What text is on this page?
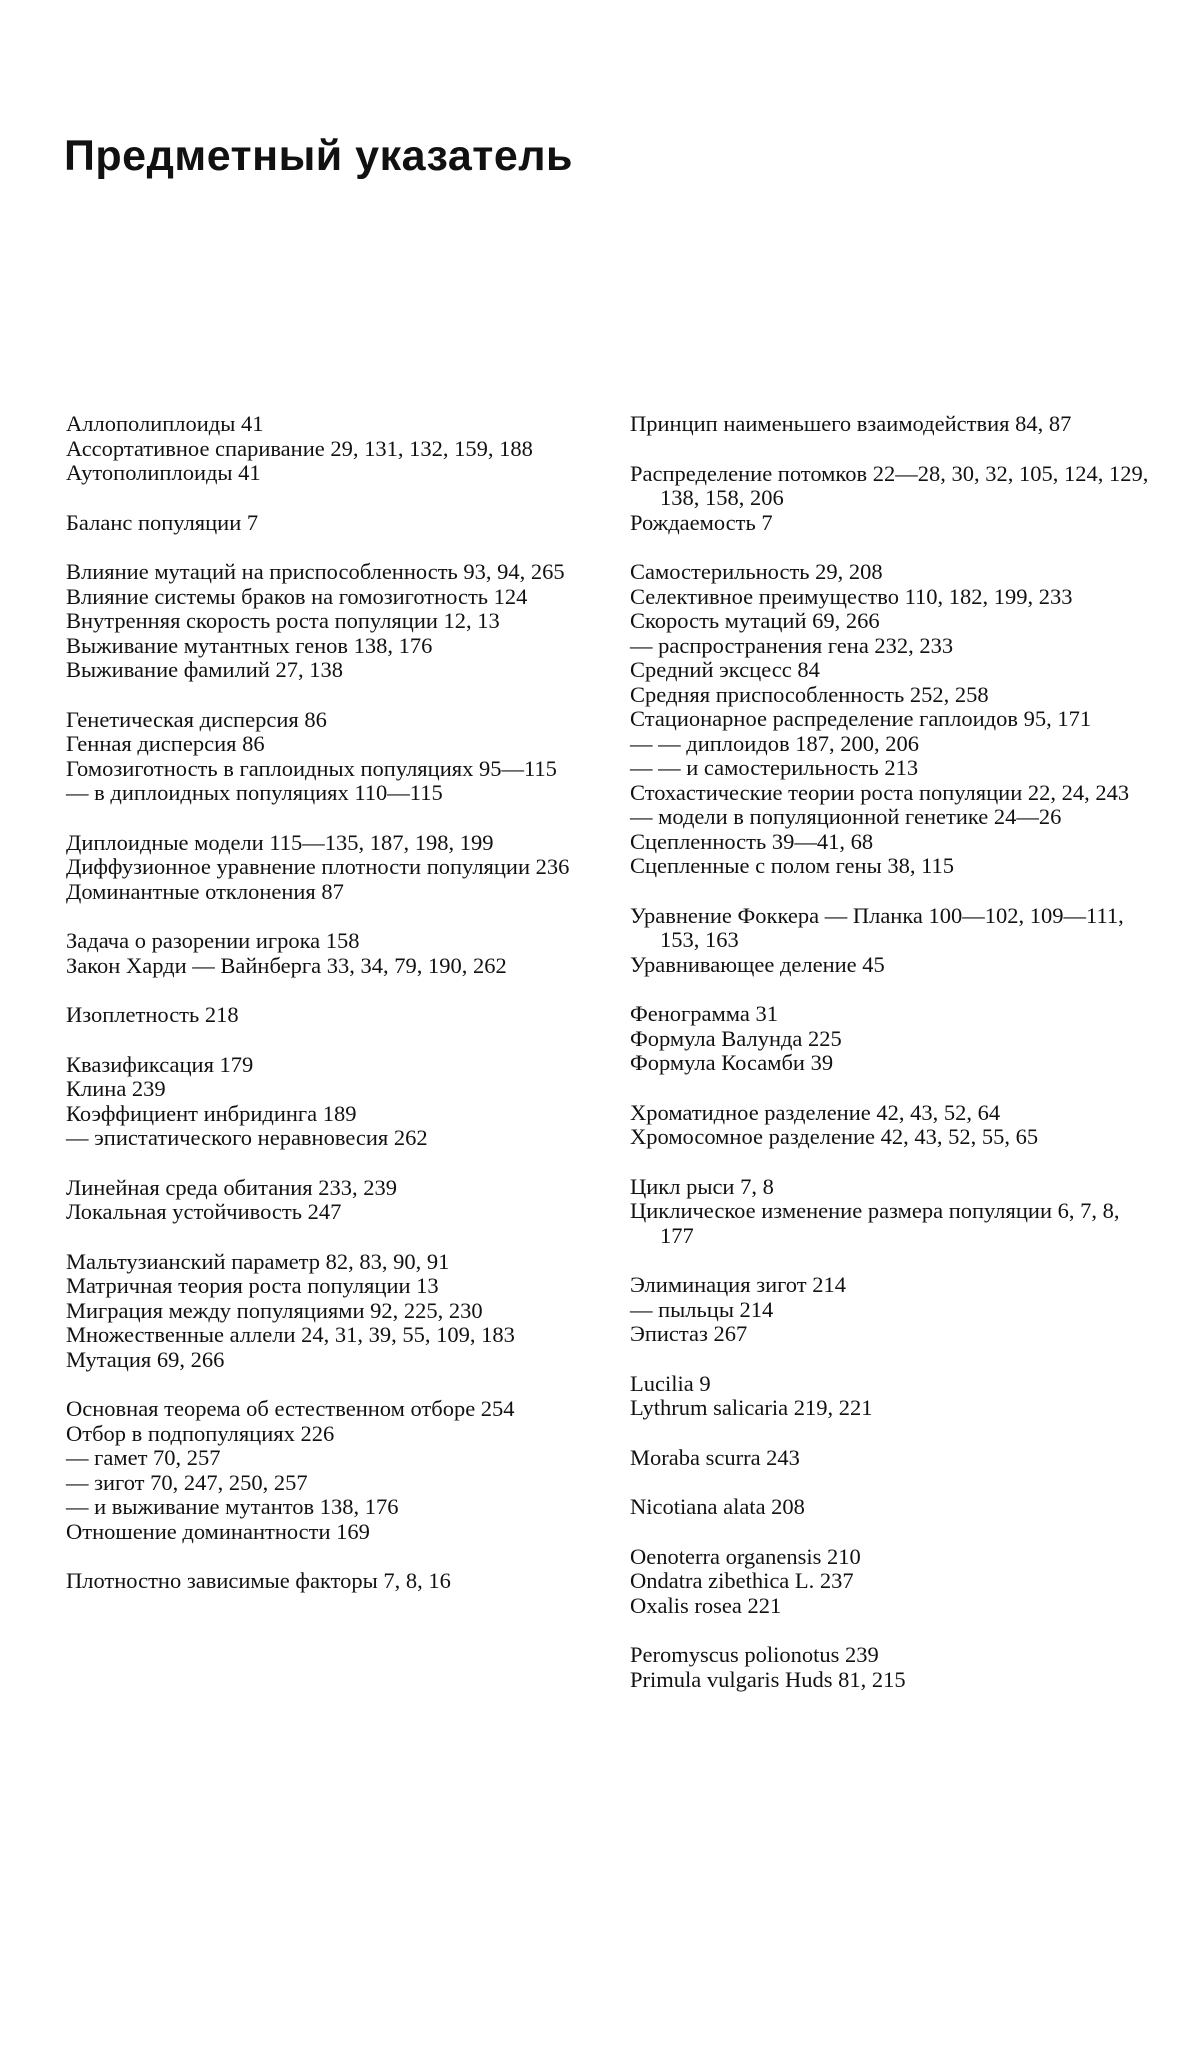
Предметный указатель

Аллополиплоиды 41

Ассортативное спаривание 29, 131, 132, 159, 188

Аутополиплоиды 41

Баланс популяции 7

Влияние мутаций на приспособленность 93, 94, 265

Влияние системы браков на гомозиготность 124

Внутренняя скорость роста популяции 12, 13

Выживание мутантных генов 138, 176

Выживание фамилий 27, 138

Генетическая дисперсия 86

Генная дисперсия 86

Гомозиготность в гаплоидных популяциях 95—115

— в диплоидных популяциях 110—115

Диплоидные модели 115—135, 187, 198, 199

Диффузионное уравнение плотности популяции 236

Доминантные отклонения 87

Задача о разорении игрока 158

Закон Харди — Вайнберга 33, 34, 79, 190, 262

Изоплетность 218

Квазификсация 179

Клина 239

Коэффициент инбридинга 189

— эпистатического неравновесия 262

Линейная среда обитания 233, 239

Локальная устойчивость 247

Мальтузианский параметр 82, 83, 90, 91

Матричная теория роста популяции 13

Миграция между популяциями 92, 225, 230

Множественные аллели 24, 31, 39, 55, 109, 183

Мутация 69, 266

Основная теорема об естественном отборе 254

Отбор в подпопуляциях 226

— гамет 70, 257

— зигот 70, 247, 250, 257

— и выживание мутантов 138, 176

Отношение доминантности 169

Плотностно зависимые факторы 7, 8, 16

Принцип наименьшего взаимодействия 84, 87

Распределение потомков 22—28, 30, 32, 105, 124, 129, 138, 158, 206

Рождаемость 7

Самостерильность 29, 208

Селективное преимущество 110, 182, 199, 233

Скорость мутаций 69, 266

— распространения гена 232, 233

Средний эксцесс 84

Средняя приспособленность 252, 258

Стационарное распределение гаплоидов 95, 171

— — диплоидов 187, 200, 206

— — и самостерильность 213

Стохастические теории роста популяции 22, 24, 243

— модели в популяционной генетике 24—26

Сцепленность 39—41, 68

Сцепленные с полом гены 38, 115

Уравнение Фоккера — Планка 100—102, 109—111, 153, 163

Уравнивающее деление 45

Фенограмма 31

Формула Валунда 225

Формула Косамби 39

Хроматидное разделение 42, 43, 52, 64

Хромосомное разделение 42, 43, 52, 55, 65

Цикл рыси 7, 8

Циклическое изменение размера популяции 6, 7, 8, 177

Элиминация зигот 214

— пыльцы 214

Эпистаз 267

Lucilia 9

Lythrum salicaria 219, 221

Moraba scurra 243

Nicotiana alata 208

Oenoterra organensis 210

Ondatra zibethica L. 237

Oxalis rosea 221

Peromyscus polionotus 239

Primula vulgaris Huds 81, 215
